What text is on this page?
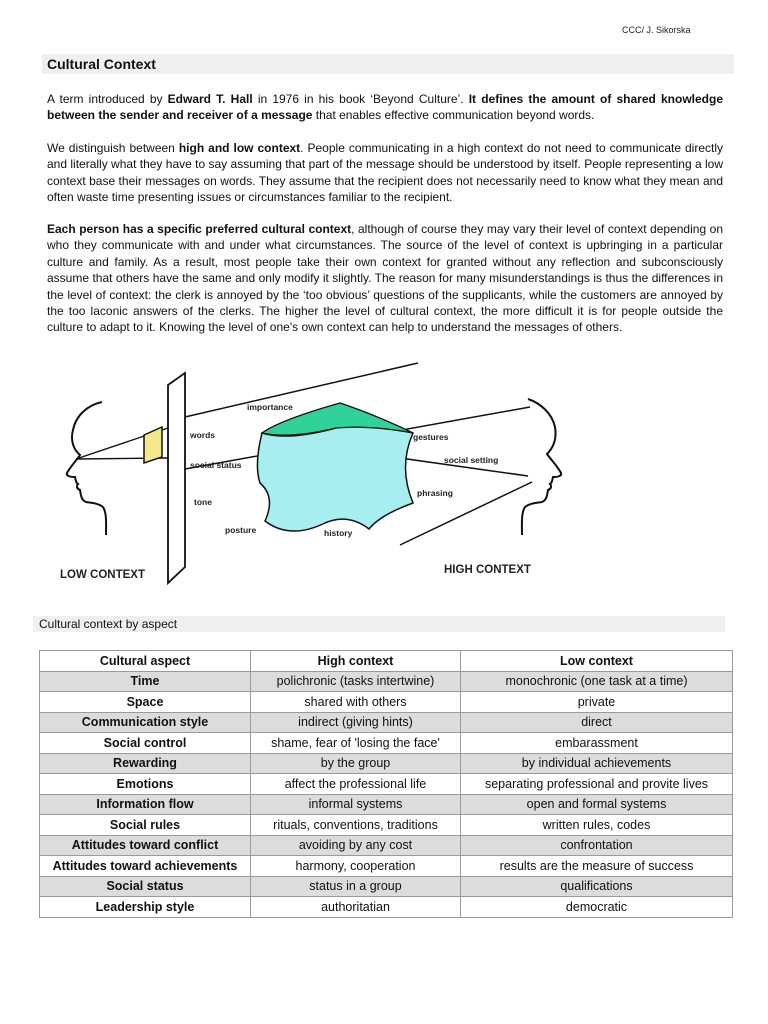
CCC/ J. Sikorska
Cultural Context

A term introduced by Edward T. Hall in 1976 in his book ‘Beyond Culture’. It defines the amount of shared knowledge between the sender and receiver of a message that enables effective communication beyond words.

We distinguish between high and low context. People communicating in a high context do not need to communicate directly and literally what they have to say assuming that part of the message should be understood by itself. People representing a low context base their messages on words. They assume that the recipient does not necessarily need to know what they mean and often waste time presenting issues or circumstances familiar to the recipient.

Each person has a specific preferred cultural context, although of course they may vary their level of context depending on who they communicate with and under what circumstances. The source of the level of context is upbringing in a particular culture and family. As a result, most people take their own context for granted without any reflection and subconsciously assume that others have the same and only modify it slightly. The reason for many misunderstandings is thus the differences in the level of context: the clerk is annoyed by the ‘too obvious’ questions of the supplicants, while the customers are annoyed by the too laconic answers of the clerks. The higher the level of cultural context, the more difficult it is for people outside the culture to adapt to it. Knowing the level of one's own context can help to understand the messages of others.

importance
words
social status
tone
posture	history
gestures
social setting
phrasing
LOW CONTEXT	HIGH CONTEXT
Cultural context by aspect
Cultural aspect	High context	Low context
Time	polichronic (tasks intertwine)	monochronic (one task at a time)
Space	shared with others	private
Communication style	indirect (giving hints)	direct
Social control	shame, fear of 'losing the face'	embarassment
Rewarding	by the group	by individual achievements
Emotions	affect the professional life	separating professional and provite lives
Information flow	informal systems	open and formal systems
Social rules	rituals, conventions, traditions	written rules, codes
Attitudes toward conflict	avoiding by any cost	confrontation
Attitudes toward achievements	harmony, cooperation	results are the measure of success
Social status	status in a group	qualifications
Leadership style	authoritatian	democratic
